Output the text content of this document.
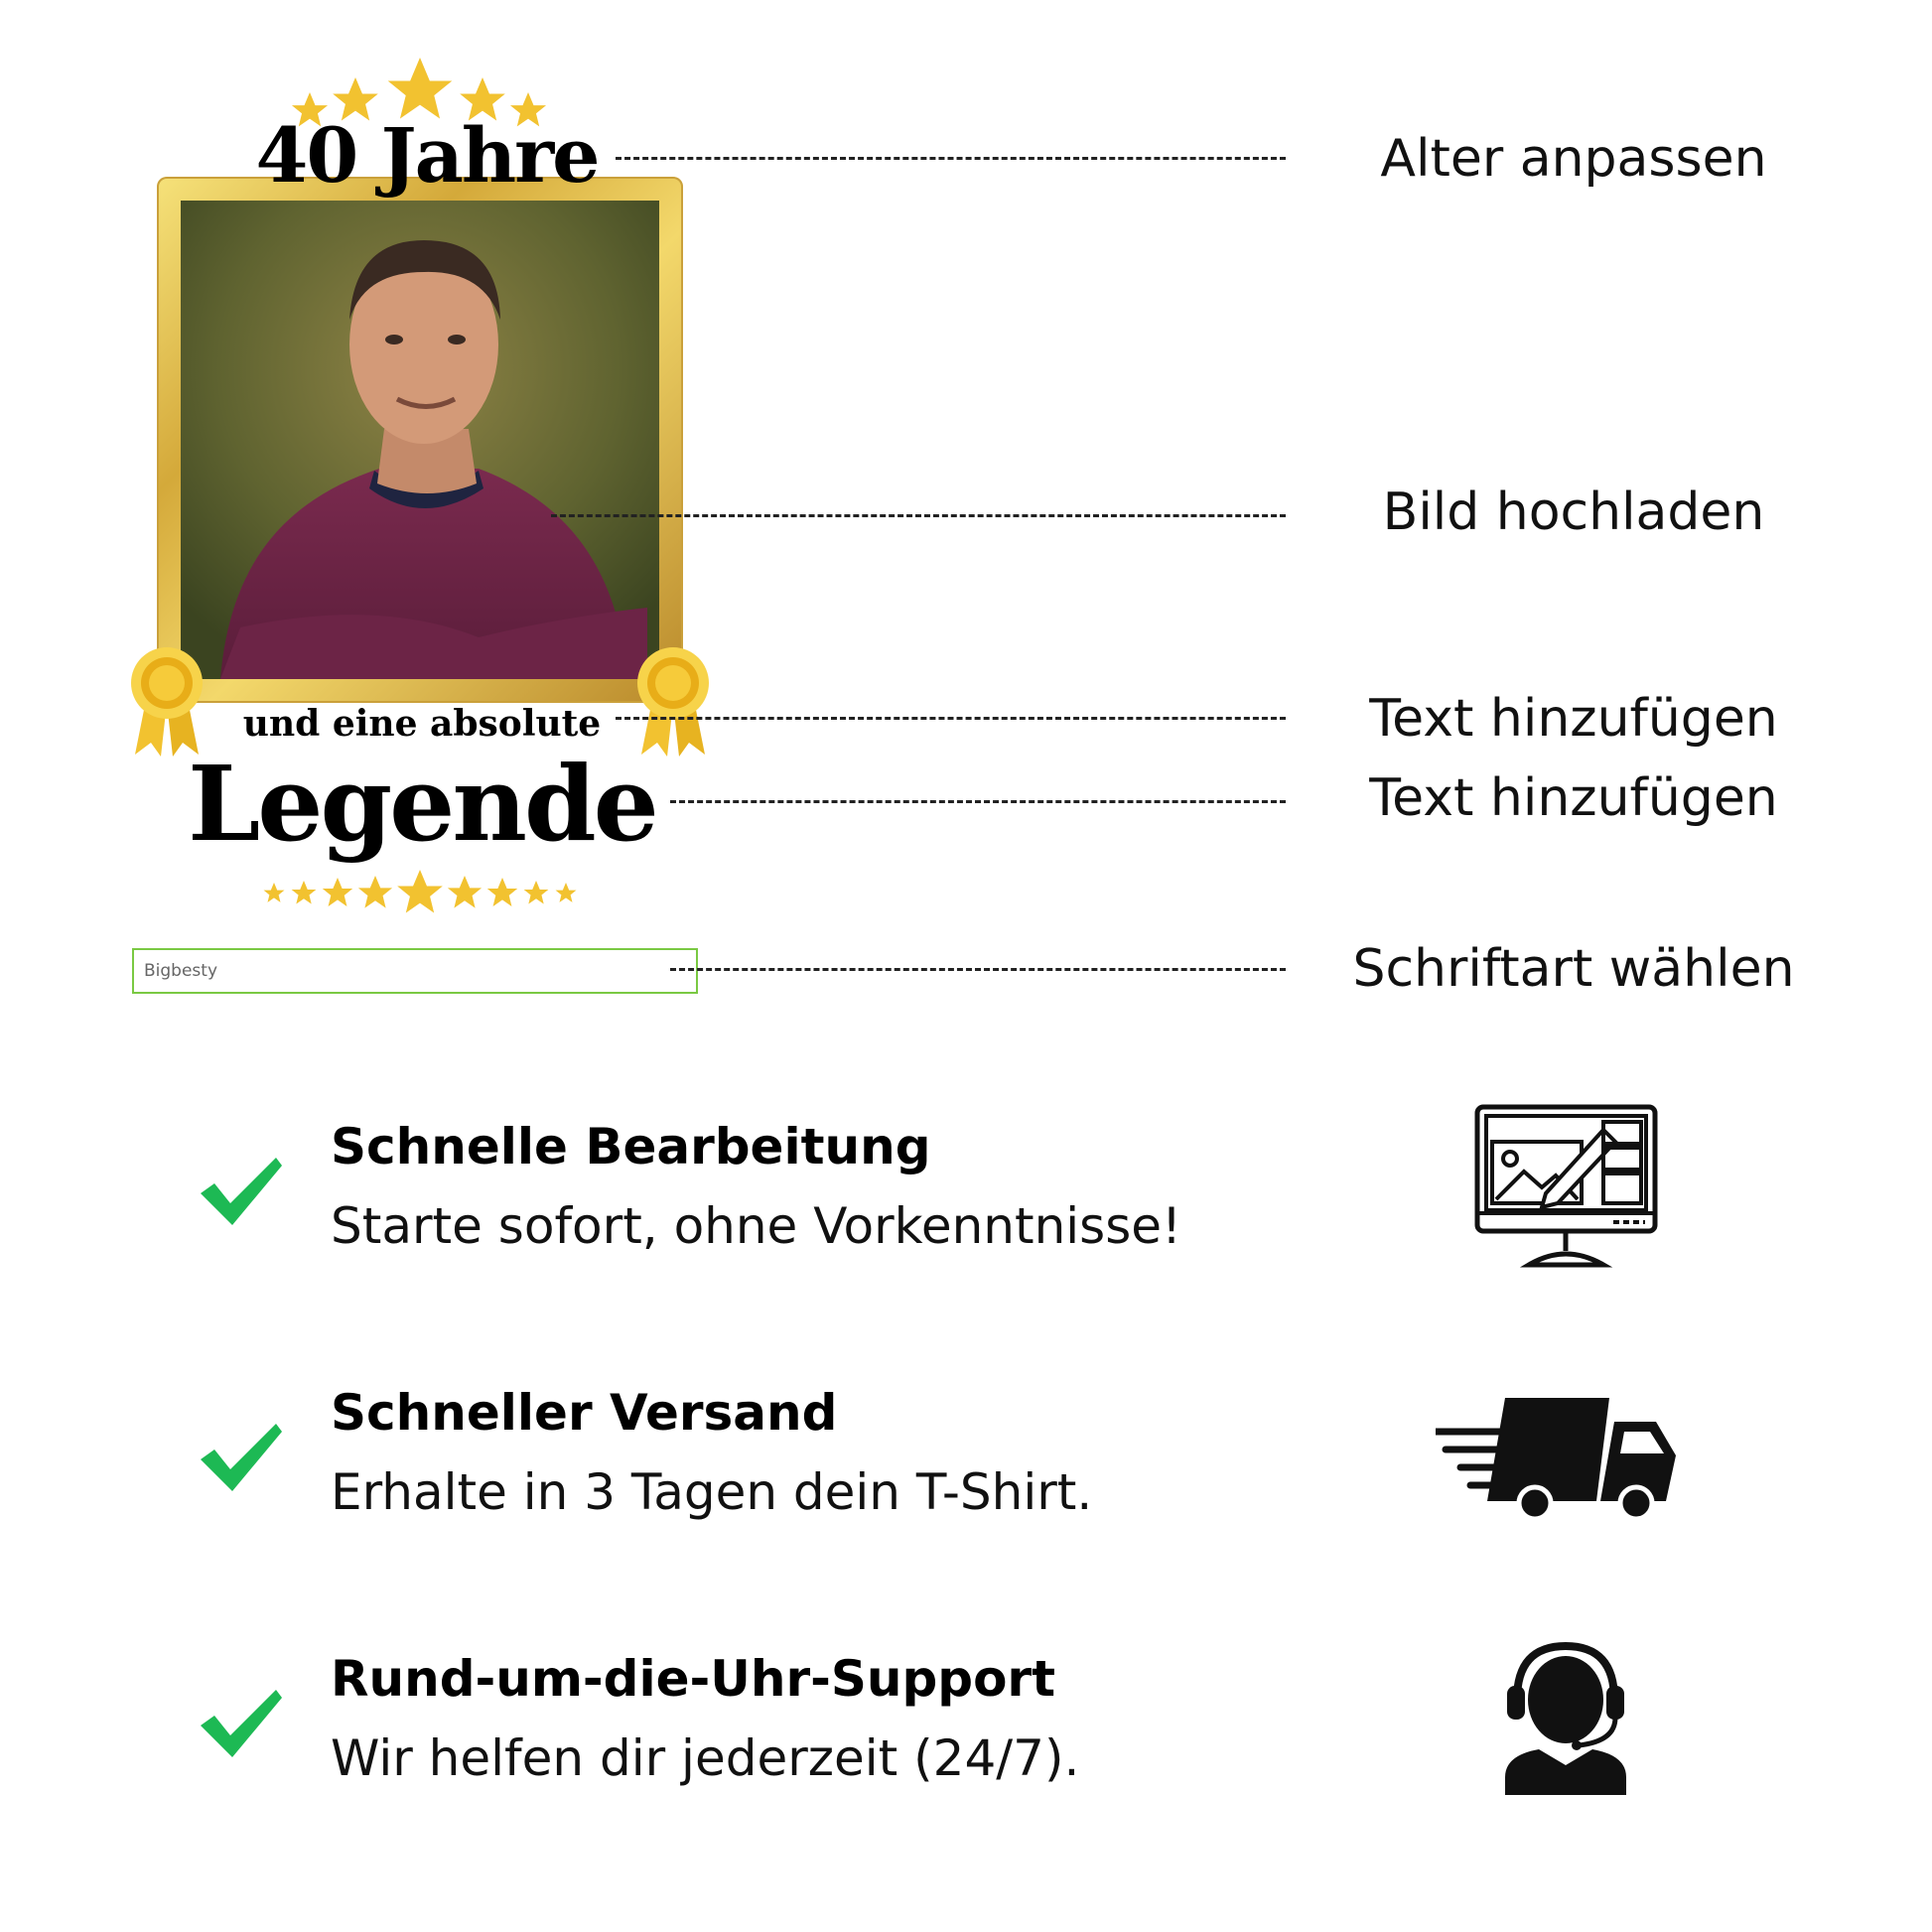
40 Jahre
und eine absolute
Legende
Bigbesty
Alter anpassen
Bild hochladen
Text hinzufügen
Text hinzufügen
Schriftart wählen
Schnelle Bearbeitung
Starte sofort, ohne Vorkenntnisse!
Schneller Versand
Erhalte in 3 Tagen dein T-Shirt.
Rund-um-die-Uhr-Support
Wir helfen dir jederzeit (24/7).
